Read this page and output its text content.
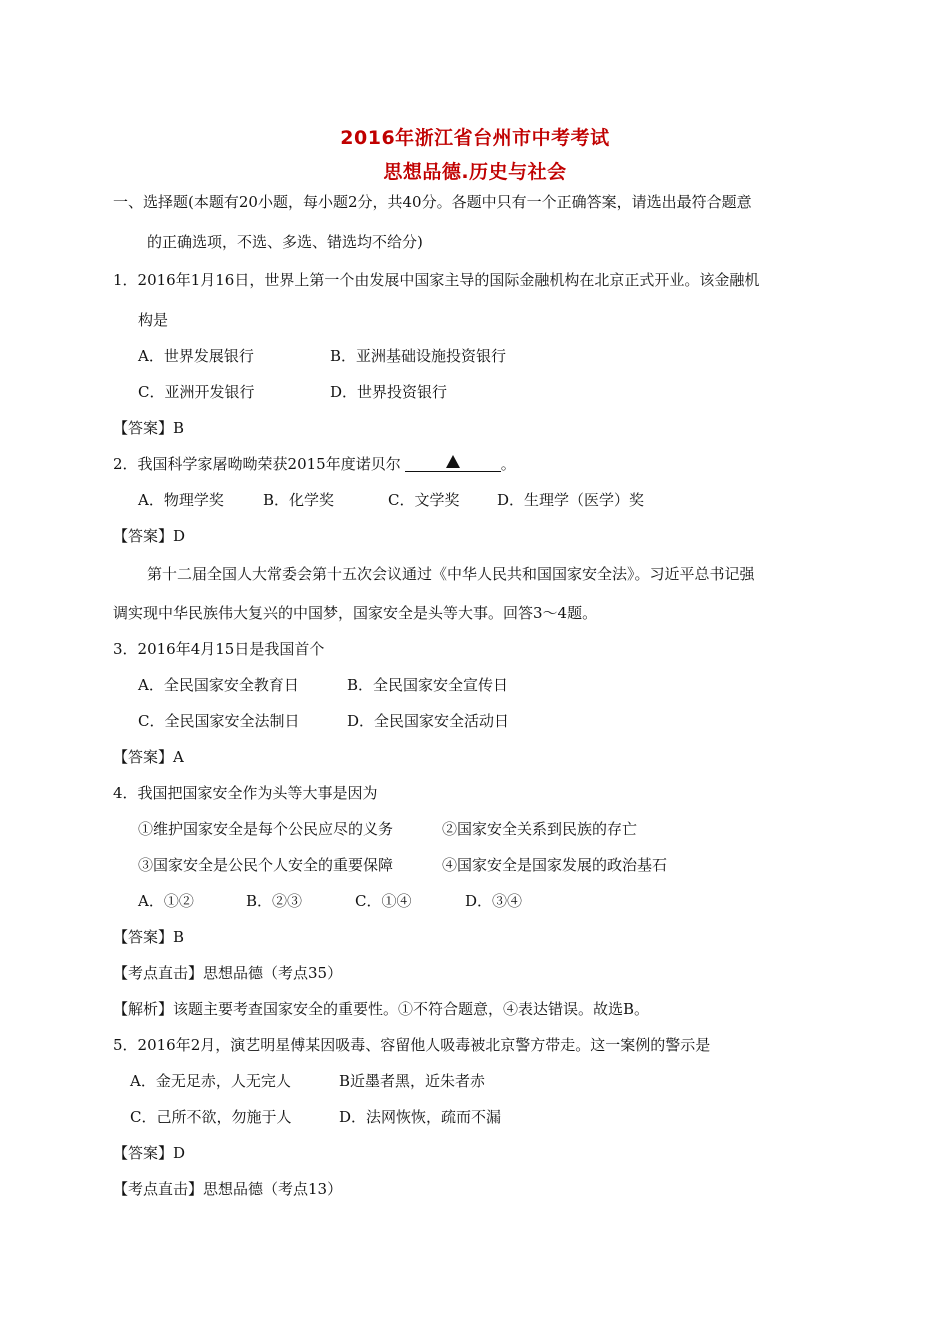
2016年浙江省台州市中考考试
思想品德.历史与社会
一、选择题(本题有20小题，每小题2分，共40分。各题中只有一个正确答案，请选出最符合题意
的正确选项，不选、多选、错选均不给分)
1．2016年1月16日，世界上第一个由发展中国家主导的国际金融机构在北京正式开业。该金融机
构是
A．世界发展银行	B．亚洲基础设施投资银行
C．亚洲开发银行	D．世界投资银行
【答案】B
2．我国科学家屠呦呦荣获2015年度诺贝尔	。
A．物理学奖	B．化学奖	C．文学奖	D．生理学（医学）奖
【答案】D
第十二届全国人大常委会第十五次会议通过《中华人民共和国国家安全法》。习近平总书记强
调实现中华民族伟大复兴的中国梦，国家安全是头等大事。回答3～4题。
3．2016年4月15日是我国首个
A．全民国家安全教育日	B．全民国家安全宣传日
C．全民国家安全法制日	D．全民国家安全活动日
【答案】A
4．我国把国家安全作为头等大事是因为
①维护国家安全是每个公民应尽的义务	②国家安全关系到民族的存亡
③国家安全是公民个人安全的重要保障	④国家安全是国家发展的政治基石
A．①②	B．②③	C．①④	D．③④
【答案】B
【考点直击】思想品德（考点35）
【解析】该题主要考查国家安全的重要性。①不符合题意，④表达错误。故选B。
5．2016年2月，演艺明星傅某因吸毒、容留他人吸毒被北京警方带走。这一案例的警示是
A．金无足赤，人无完人	B近墨者黑，近朱者赤
C．己所不欲，勿施于人	D．法网恢恢，疏而不漏
【答案】D
【考点直击】思想品德（考点13）
